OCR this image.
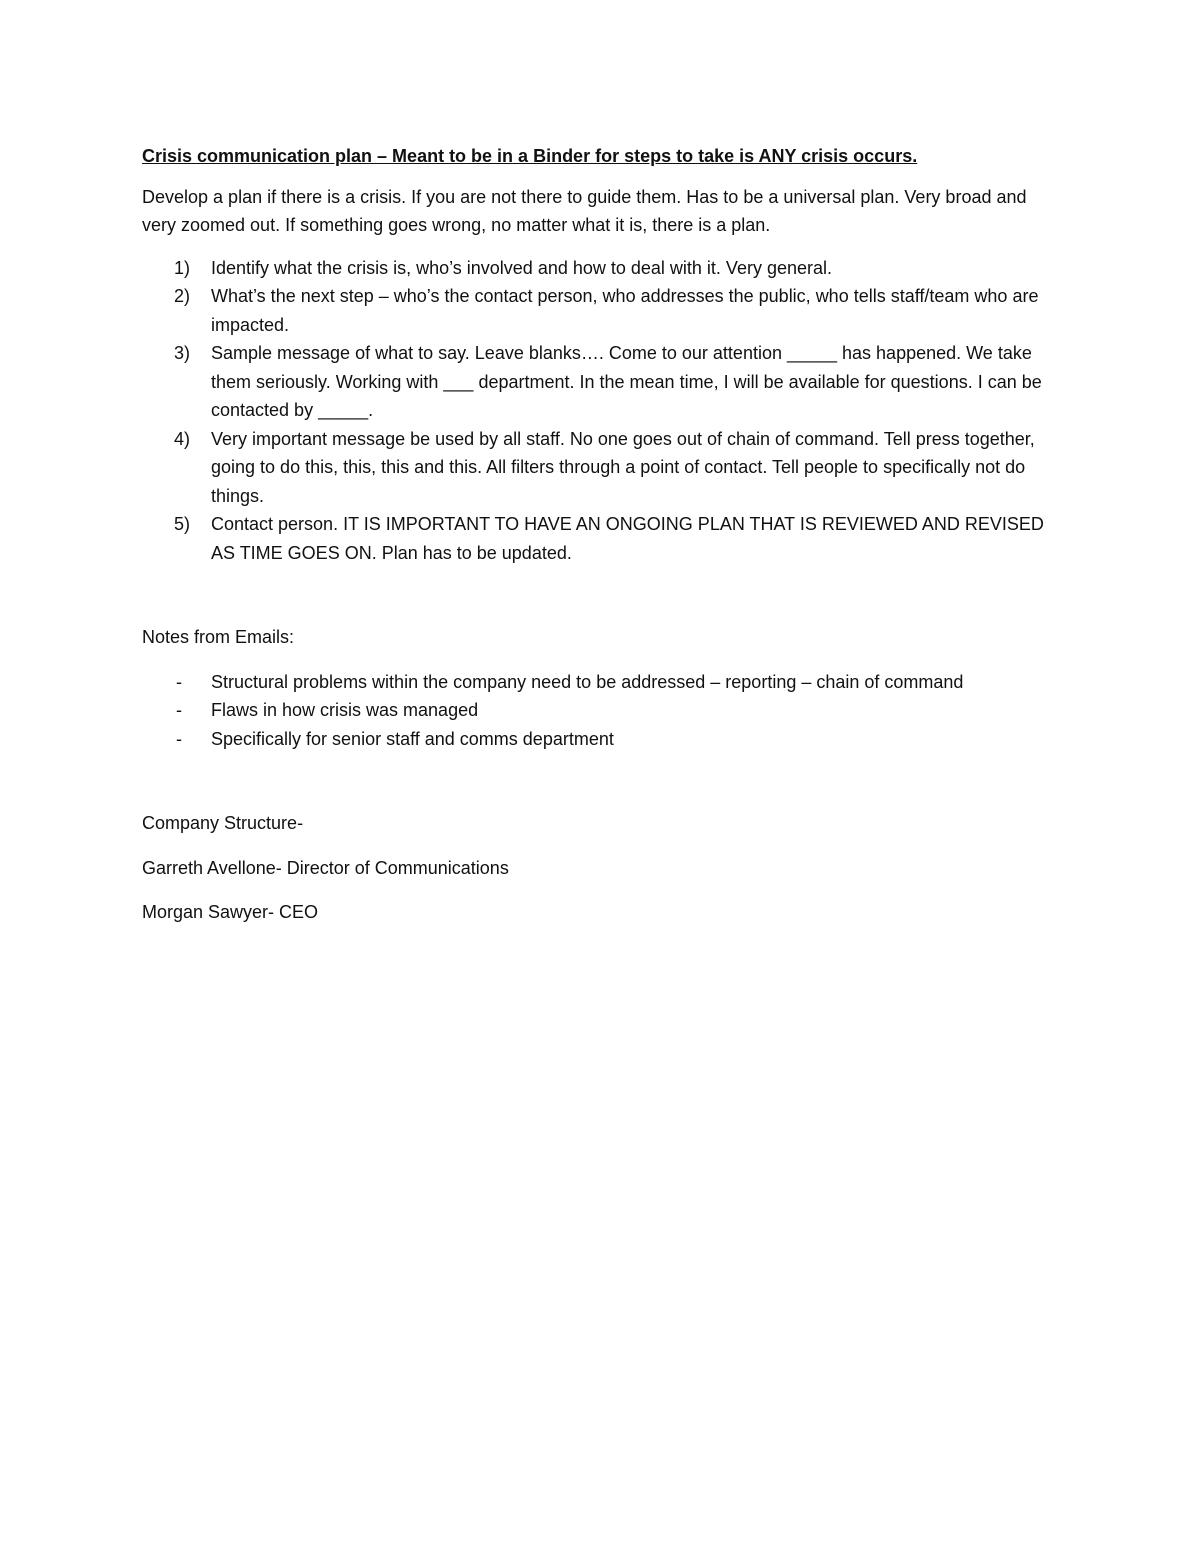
Crisis communication plan – Meant to be in a Binder for steps to take is ANY crisis occurs.

Develop a plan if there is a crisis. If you are not there to guide them. Has to be a universal plan. Very broad and very zoomed out. If something goes wrong, no matter what it is, there is a plan.

1) Identify what the crisis is, who’s involved and how to deal with it. Very general.
2) What’s the next step – who’s the contact person, who addresses the public, who tells staff/team who are impacted.
3) Sample message of what to say. Leave blanks…. Come to our attention _____ has happened. We take them seriously. Working with ___ department. In the mean time, I will be available for questions. I can be contacted by _____.
4) Very important message be used by all staff. No one goes out of chain of command. Tell press together, going to do this, this, this and this. All filters through a point of contact. Tell people to specifically not do things.
5) Contact person. IT IS IMPORTANT TO HAVE AN ONGOING PLAN THAT IS REVIEWED AND REVISED AS TIME GOES ON. Plan has to be updated.

Notes from Emails:

- Structural problems within the company need to be addressed – reporting – chain of command
- Flaws in how crisis was managed
- Specifically for senior staff and comms department

Company Structure-

Garreth Avellone- Director of Communications

Morgan Sawyer- CEO
